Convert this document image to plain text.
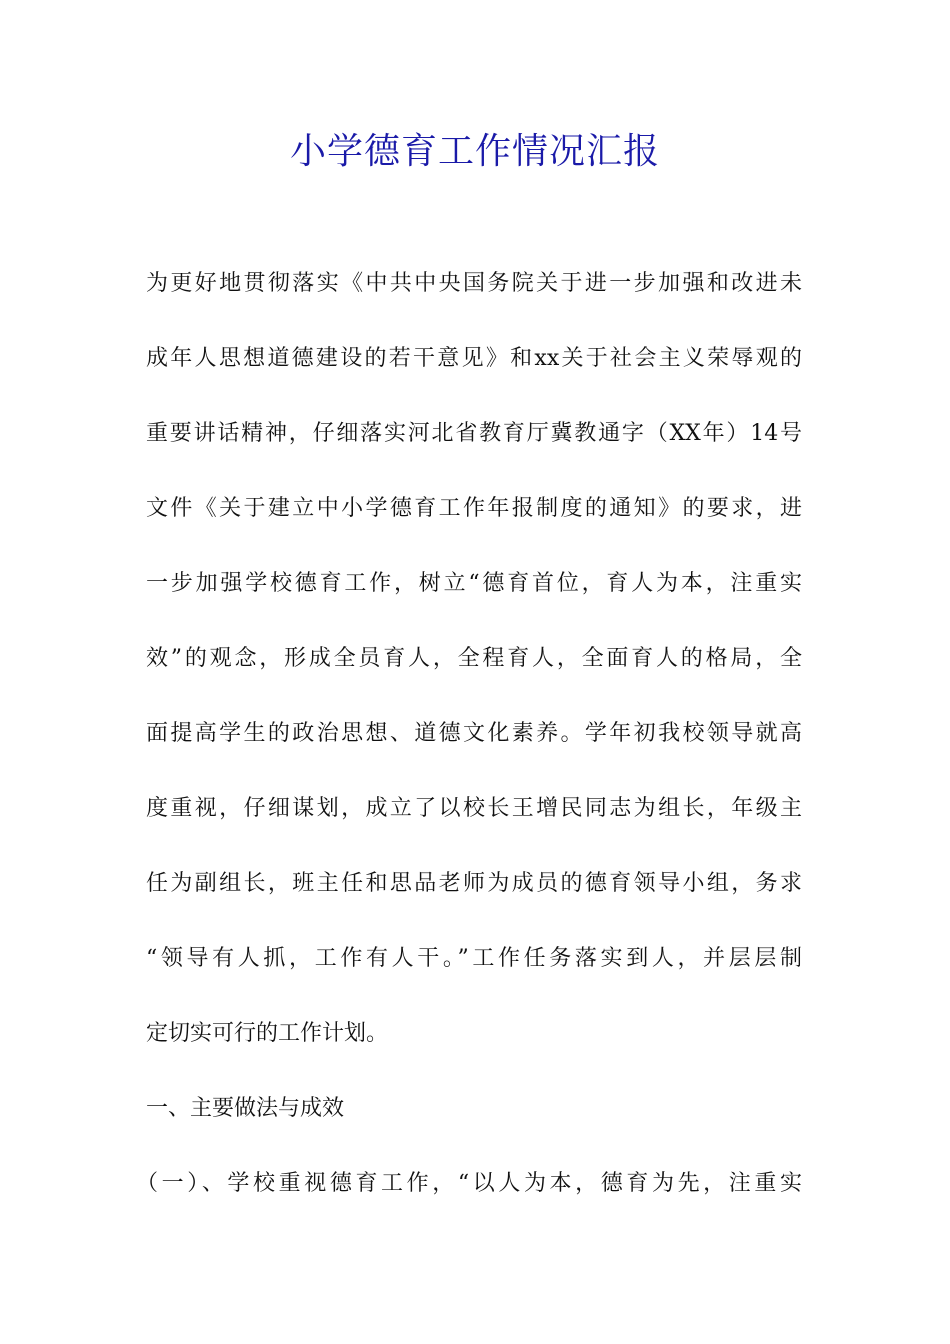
小学德育工作情况汇报
为更好地贯彻落实《中共中央国务院关于进一步加强和改进未
成年人思想道德建设的若干意见》和xx关于社会主义荣辱观的
重要讲话精神，仔细落实河北省教育厅冀教通字（XX年）14号
文件《关于建立中小学德育工作年报制度的通知》的要求，进
一步加强学校德育工作，树立“德育首位，育人为本，注重实
效”的观念，形成全员育人，全程育人，全面育人的格局，全
面提高学生的政治思想、道德文化素养。学年初我校领导就高
度重视，仔细谋划，成立了以校长王增民同志为组长，年级主
任为副组长，班主任和思品老师为成员的德育领导小组，务求
“领导有人抓，工作有人干。”工作任务落实到人，并层层制
定切实可行的工作计划。
一、主要做法与成效
（一）、学校重视德育工作，“以人为本，德育为先，注重实
